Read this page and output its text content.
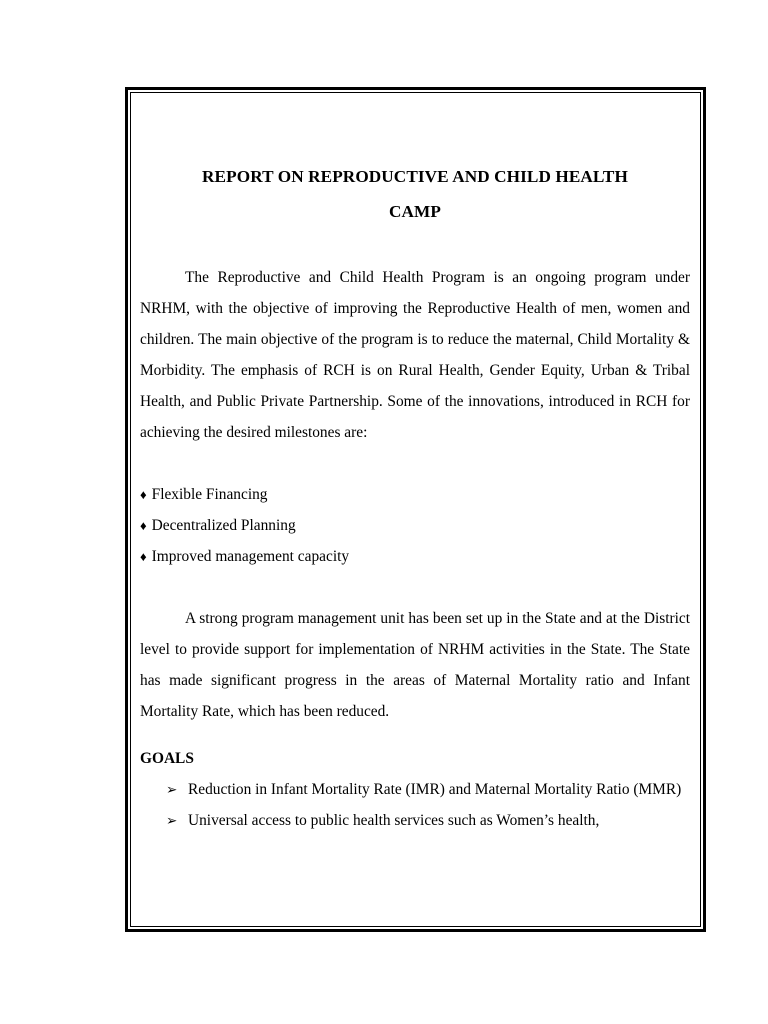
REPORT ON REPRODUCTIVE AND CHILD HEALTH
CAMP

The Reproductive and Child Health Program is an ongoing program under NRHM, with the objective of improving the Reproductive Health of men, women and children. The main objective of the program is to reduce the maternal, Child Mortality & Morbidity. The emphasis of RCH is on Rural Health, Gender Equity, Urban & Tribal Health, and Public Private Partnership. Some of the innovations, introduced in RCH for achieving the desired milestones are:

♦ Flexible Financing
♦ Decentralized Planning
♦ Improved management capacity

A strong program management unit has been set up in the State and at the District level to provide support for implementation of NRHM activities in the State. The State has made significant progress in the areas of Maternal Mortality ratio and Infant Mortality Rate, which has been reduced.

GOALS
➢ Reduction in Infant Mortality Rate (IMR) and Maternal Mortality Ratio (MMR)
➢ Universal access to public health services such as Women’s health,
